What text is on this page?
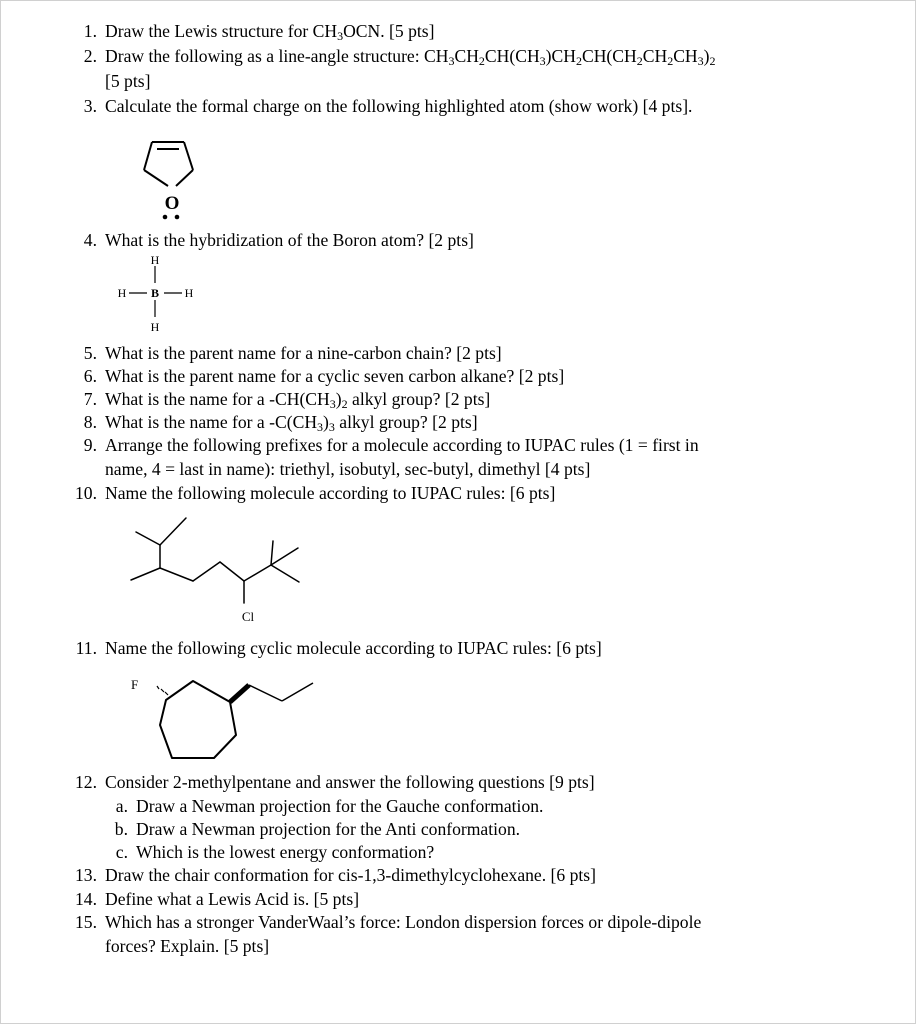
1. Draw the Lewis structure for $CH_3OCN$. [5 pts]
2. Draw the following as a line-angle structure: $CH_3CH_2CH(CH_3)CH_2CH(CH_2CH_2CH_3)_2$
[5 pts]
3. Calculate the formal charge on the following highlighted atom (show work) [4 pts].
O
4. What is the hybridization of the Boron atom? [2 pts]
H
H
H	H
B
5. What is the parent name for a nine-carbon chain? [2 pts]
6. What is the parent name for a cyclic seven carbon alkane? [2 pts]
7. What is the name for a $-CH(CH_3)_2$ alkyl group? [2 pts]
8. What is the name for a $-C(CH_3)_3$ alkyl group? [2 pts]
9. Arrange the following prefixes for a molecule according to IUPAC rules (1 = first in
name, 4 = last in name): triethyl, isobutyl, sec-butyl, dimethyl [4 pts]
10. Name the following molecule according to IUPAC rules: [6 pts]
Cl
11. Name the following cyclic molecule according to IUPAC rules: [6 pts]
F
12. Consider 2-methylpentane and answer the following questions [9 pts]
a. Draw a Newman projection for the Gauche conformation.
b. Draw a Newman projection for the Anti conformation.
c. Which is the lowest energy conformation?
13. Draw the chair conformation for cis-1,3-dimethylcyclohexane. [6 pts]
14. Define what a Lewis Acid is. [5 pts]
15. Which has a stronger VanderWaal’s force: London dispersion forces or dipole-dipole
forces? Explain. [5 pts]
